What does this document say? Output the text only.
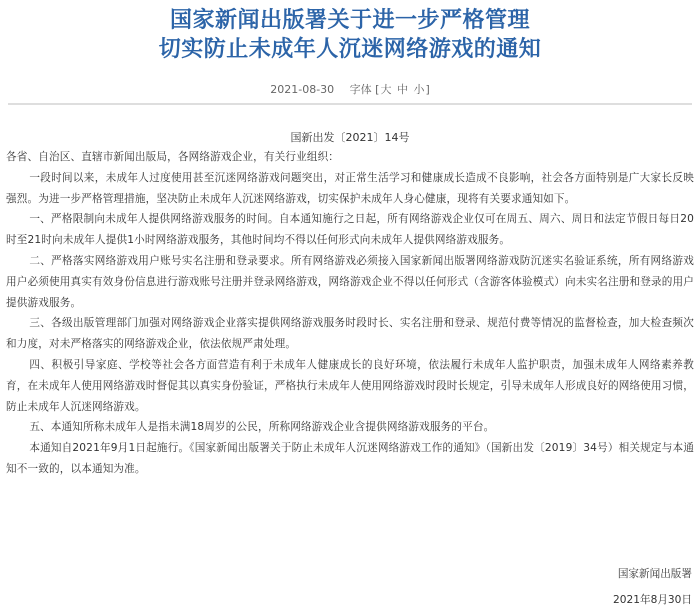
国家新闻出版署关于进一步严格管理
切实防止未成年人沉迷网络游戏的通知
2021-08-30 字体 [大 中 小]
国新出发〔2021〕14号

各省、自治区、直辖市新闻出版局，各网络游戏企业，有关行业组织：

一段时间以来，未成年人过度使用甚至沉迷网络游戏问题突出，对正常生活学习和健康成长造成不良影响，社会各方面特别是广大家长反映强烈。为进一步严格管理措施，坚决防止未成年人沉迷网络游戏，切实保护未成年人身心健康，现将有关要求通知如下。

一、严格限制向未成年人提供网络游戏服务的时间。自本通知施行之日起，所有网络游戏企业仅可在周五、周六、周日和法定节假日每日20时至21时向未成年人提供1小时网络游戏服务，其他时间均不得以任何形式向未成年人提供网络游戏服务。

二、严格落实网络游戏用户账号实名注册和登录要求。所有网络游戏必须接入国家新闻出版署网络游戏防沉迷实名验证系统，所有网络游戏用户必须使用真实有效身份信息进行游戏账号注册并登录网络游戏，网络游戏企业不得以任何形式（含游客体验模式）向未实名注册和登录的用户提供游戏服务。

三、各级出版管理部门加强对网络游戏企业落实提供网络游戏服务时段时长、实名注册和登录、规范付费等情况的监督检查，加大检查频次和力度，对未严格落实的网络游戏企业，依法依规严肃处理。

四、积极引导家庭、学校等社会各方面营造有利于未成年人健康成长的良好环境，依法履行未成年人监护职责，加强未成年人网络素养教育，在未成年人使用网络游戏时督促其以真实身份验证，严格执行未成年人使用网络游戏时段时长规定，引导未成年人形成良好的网络使用习惯，防止未成年人沉迷网络游戏。

五、本通知所称未成年人是指未满18周岁的公民，所称网络游戏企业含提供网络游戏服务的平台。

本通知自2021年9月1日起施行。《国家新闻出版署关于防止未成年人沉迷网络游戏工作的通知》（国新出发〔2019〕34号）相关规定与本通知不一致的，以本通知为准。

国家新闻出版署
2021年8月30日
